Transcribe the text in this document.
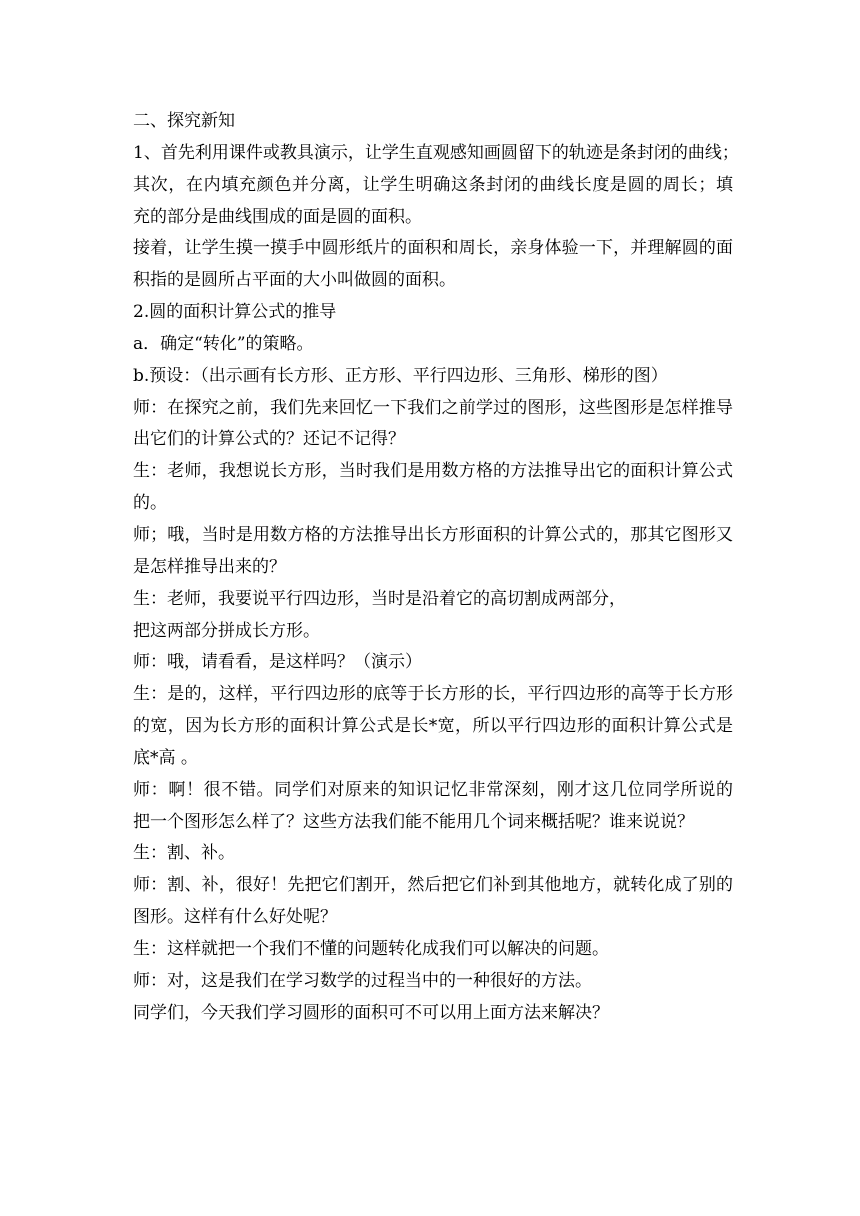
二、探究新知
1、首先利用课件或教具演示，让学生直观感知画圆留下的轨迹是条封闭的曲线；
其次，在内填充颜色并分离，让学生明确这条封闭的曲线长度是圆的周长；填
充的部分是曲线围成的面是圆的面积。
接着，让学生摸一摸手中圆形纸片的面积和周长，亲身体验一下，并理解圆的面
积指的是圆所占平面的大小叫做圆的面积。
2.圆的面积计算公式的推导
a．确定“转化”的策略。
b.预设：（出示画有长方形、正方形、平行四边形、三角形、梯形的图）
师：在探究之前，我们先来回忆一下我们之前学过的图形，这些图形是怎样推导
出它们的计算公式的？还记不记得？
生：老师，我想说长方形，当时我们是用数方格的方法推导出它的面积计算公式
的。
师；哦，当时是用数方格的方法推导出长方形面积的计算公式的，那其它图形又
是怎样推导出来的？
生：老师，我要说平行四边形，当时是沿着它的高切割成两部分，
把这两部分拼成长方形。
师：哦，请看看，是这样吗？（演示）
生：是的，这样，平行四边形的底等于长方形的长，平行四边形的高等于长方形
的宽，因为长方形的面积计算公式是长*宽，所以平行四边形的面积计算公式是
底*高 。
师：啊！很不错。同学们对原来的知识记忆非常深刻，刚才这几位同学所说的
把一个图形怎么样了？这些方法我们能不能用几个词来概括呢？谁来说说？
生：割、补。
师：割、补，很好！先把它们割开，然后把它们补到其他地方，就转化成了别的
图形。这样有什么好处呢？
生：这样就把一个我们不懂的问题转化成我们可以解决的问题。
师：对，这是我们在学习数学的过程当中的一种很好的方法。
同学们，今天我们学习圆形的面积可不可以用上面方法来解决？
